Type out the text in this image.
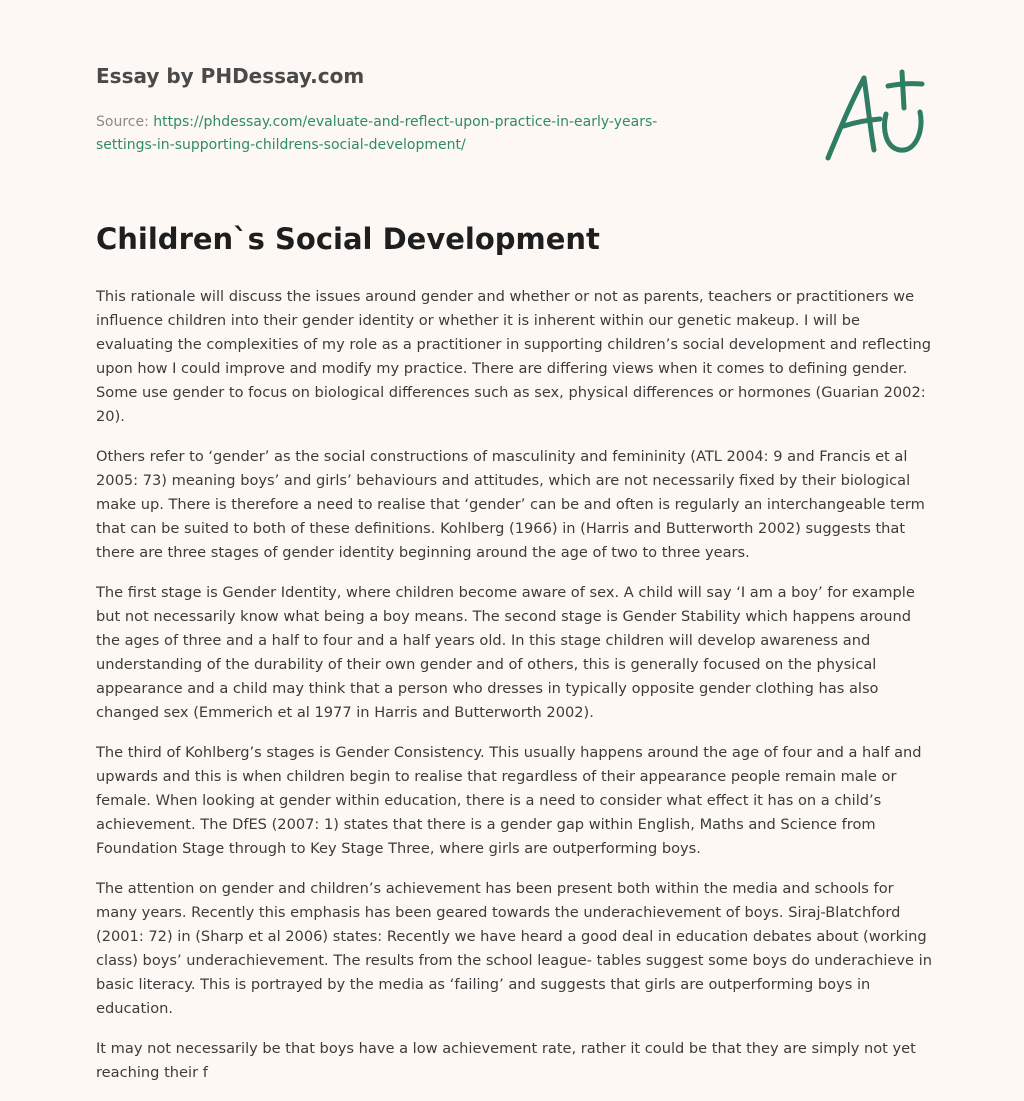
Essay by PHDessay.com
Source: https://phdessay.com/evaluate-and-reflect-upon-practice-in-early-years-
settings-in-supporting-childrens-social-development/
Children`s Social Development

This rationale will discuss the issues around gender and whether or not as parents, teachers or practitioners we influence children into their gender identity or whether it is inherent within our genetic makeup. I will be evaluating the complexities of my role as a practitioner in supporting children’s social development and reflecting upon how I could improve and modify my practice. There are differing views when it comes to defining gender. Some use gender to focus on biological differences such as sex, physical differences or hormones (Guarian 2002: 20).

Others refer to ‘gender’ as the social constructions of masculinity and femininity (ATL 2004: 9 and Francis et al 2005: 73) meaning boys’ and girls’ behaviours and attitudes, which are not necessarily fixed by their biological make up. There is therefore a need to realise that ‘gender’ can be and often is regularly an interchangeable term that can be suited to both of these definitions. Kohlberg (1966) in (Harris and Butterworth 2002) suggests that there are three stages of gender identity beginning around the age of two to three years.

The first stage is Gender Identity, where children become aware of sex. A child will say ‘I am a boy’ for example but not necessarily know what being a boy means. The second stage is Gender Stability which happens around the ages of three and a half to four and a half years old. In this stage children will develop awareness and understanding of the durability of their own gender and of others, this is generally focused on the physical appearance and a child may think that a person who dresses in typically opposite gender clothing has also changed sex (Emmerich et al 1977 in Harris and Butterworth 2002).

The third of Kohlberg’s stages is Gender Consistency. This usually happens around the age of four and a half and upwards and this is when children begin to realise that regardless of their appearance people remain male or female. When looking at gender within education, there is a need to consider what effect it has on a child’s achievement. The DfES (2007: 1) states that there is a gender gap within English, Maths and Science from Foundation Stage through to Key Stage Three, where girls are outperforming boys.

The attention on gender and children’s achievement has been present both within the media and schools for many years. Recently this emphasis has been geared towards the underachievement of boys. Siraj-Blatchford (2001: 72) in (Sharp et al 2006) states: Recently we have heard a good deal in education debates about (working class) boys’ underachievement. The results from the school league- tables suggest some boys do underachieve in basic literacy. This is portrayed by the media as ‘failing’ and suggests that girls are outperforming boys in education.

It may not necessarily be that boys have a low achievement rate, rather it could be that they are simply not yet reaching their f
